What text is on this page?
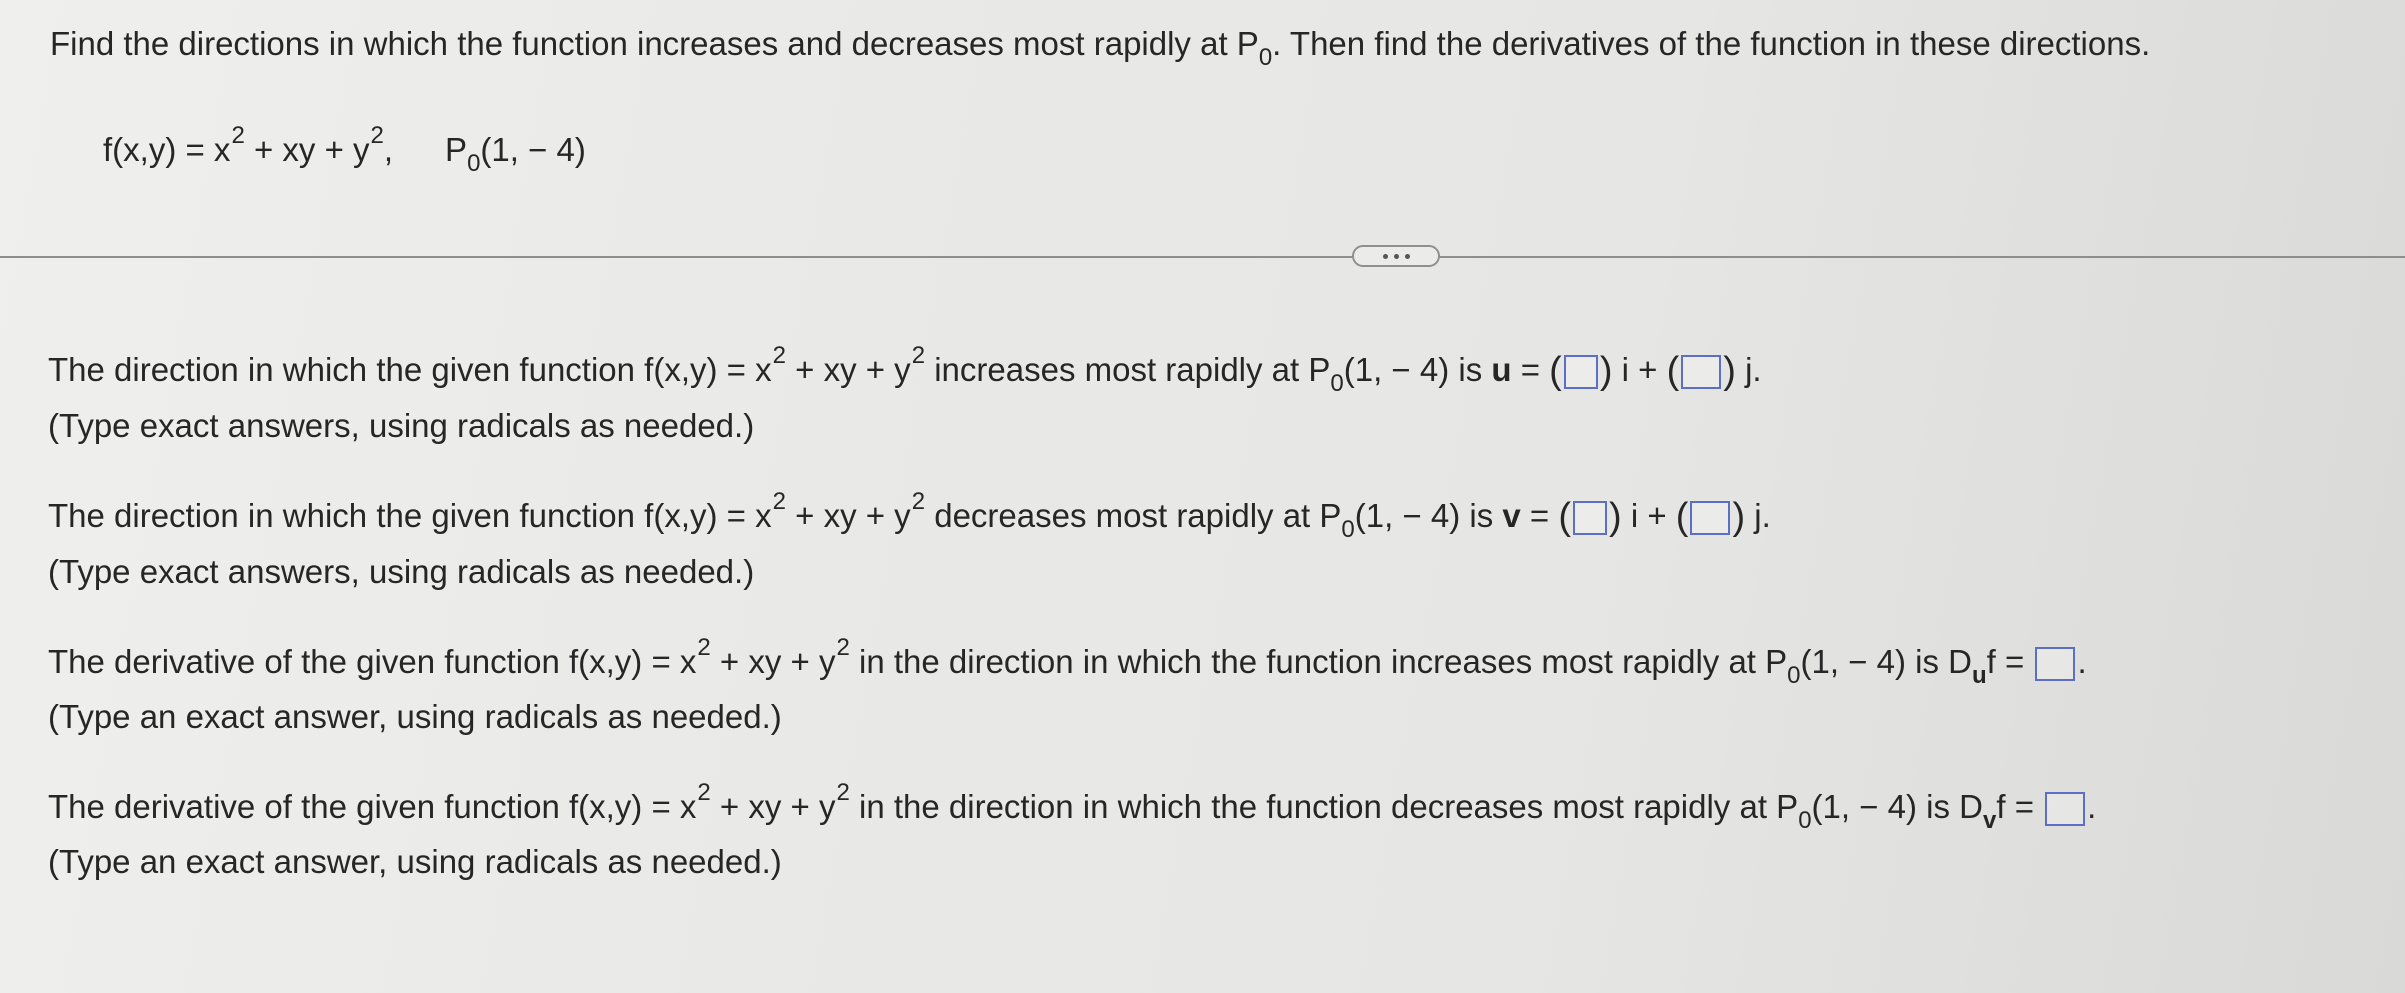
Find the directions in which the function increases and decreases most rapidly at $P_0$. Then find the derivatives of the function in these directions.
$f(x,y) = x^2$ + xy + $y^2$, $P_0(1$, − 4)
The direction in which the given function $f(x,y) = x^2$ + xy + $y^2$ increases most rapidly at $P_0(1$, − 4) is u = ( ) i + ( ) j.
(Type exact answers, using radicals as needed.)
The direction in which the given function $f(x,y) = x^2$ + xy + $y^2$ decreases most rapidly at $P_0(1$, − 4) is v = ( ) i + ( ) j.
(Type exact answers, using radicals as needed.)
The derivative of the given function $f(x,y) = x^2$ + xy + $y^2$ in the direction in which the function increases most rapidly at $P_0(1$, − 4) is $D_uf$ = .
(Type an exact answer, using radicals as needed.)
The derivative of the given function $f(x,y) = x^2$ + xy + $y^2$ in the direction in which the function decreases most rapidly at $P_0(1$, − 4) is $D_vf$ = .
(Type an exact answer, using radicals as needed.)
